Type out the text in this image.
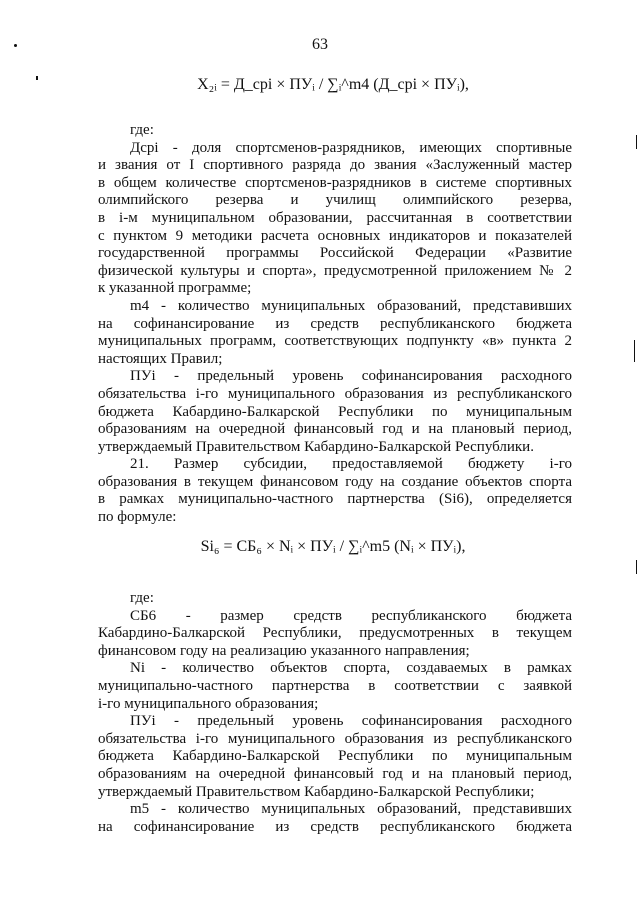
63
X₂ᵢ = Д_cрi × ПУᵢ / ∑ᵢ^m4 (Д_cрi × ПУᵢ),
где:
Дсрi - доля спортсменов-разрядников, имеющих спортивные
и звания от I спортивного разряда до звания «Заслуженный мастер
в общем количестве спортсменов-разрядников в системе спортивных
олимпийского резерва и училищ олимпийского резерва,
в i-м муниципальном образовании, рассчитанная в соответствии
с пунктом 9 методики расчета основных индикаторов и показателей
государственной программы Российской Федерации «Развитие
физической культуры и спорта», предусмотренной приложением № 2
к указанной программе;
m4 - количество муниципальных образований, представивших
на софинансирование из средств республиканского бюджета
муниципальных программ, соответствующих подпункту «в» пункта 2
настоящих Правил;
ПУi - предельный уровень софинансирования расходного
обязательства i-го муниципального образования из республиканского
бюджета Кабардино-Балкарской Республики по муниципальным
образованиям на очередной финансовый год и на плановый период,
утверждаемый Правительством Кабардино-Балкарской Республики.
21. Размер субсидии, предоставляемой бюджету i-го
образования в текущем финансовом году на создание объектов спорта
в рамках муниципально-частного партнерства (Si6), определяется
по формуле:
Si₆ = СБ₆ × Nᵢ × ПУᵢ / ∑ᵢ^m5 (Nᵢ × ПУᵢ),
где:
СБ6 - размер средств республиканского бюджета
Кабардино-Балкарской Республики, предусмотренных в текущем
финансовом году на реализацию указанного направления;
Ni - количество объектов спорта, создаваемых в рамках
муниципально-частного партнерства в соответствии с заявкой
i-го муниципального образования;
ПУi - предельный уровень софинансирования расходного
обязательства i-го муниципального образования из республиканского
бюджета Кабардино-Балкарской Республики по муниципальным
образованиям на очередной финансовый год и на плановый период,
утверждаемый Правительством Кабардино-Балкарской Республики;
m5 - количество муниципальных образований, представивших
на софинансирование из средств республиканского бюджета
